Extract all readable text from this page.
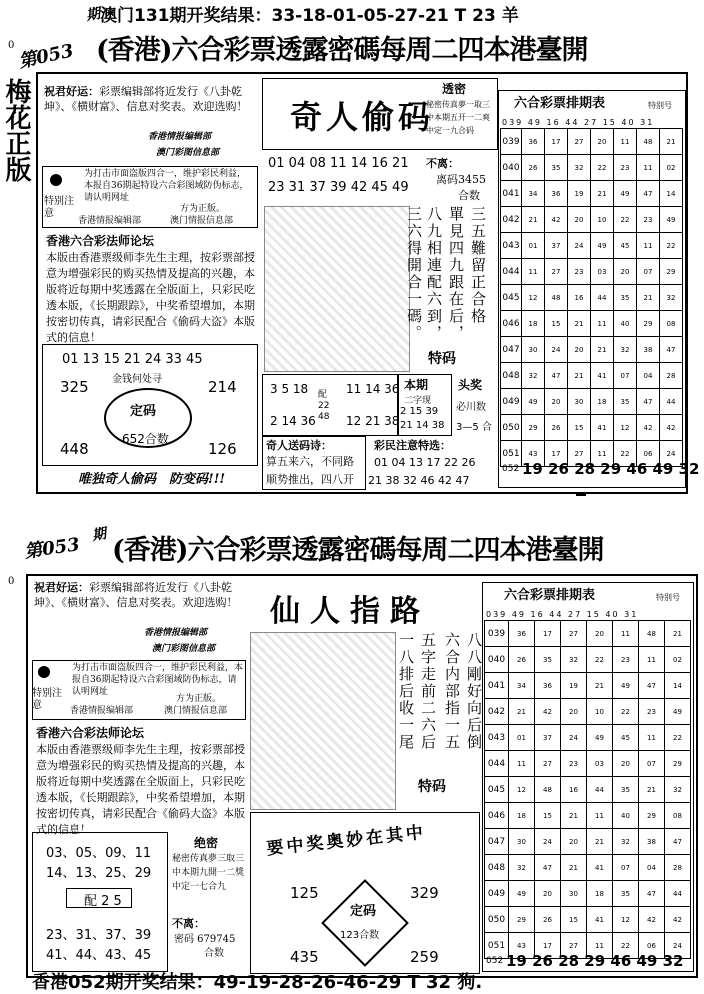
澳门131期开奖结果：33-18-01-05-27-21 T 23 羊
0 第053
期
(香港)六合彩票透露密碼每周二四本港臺開
梅花正版 祝君好运：彩票编辑部将近发行《八卦乾坤》、《横财富》、信息对奖表。欢迎选购！
香港情报编辑部
澳门彩图信息部
特别注意
为打击市面盗版四合一，维护彩民利益，本报自36期起特设六合彩图域防伪标志，请认明网址
方为正版。
香港情报编辑部	澳门情报信息部
香港六合彩法师论坛
本版由香港票级师李先生主理，按彩票部授意为增强彩民的购买热情及提高的兴趣，本版将近每期中奖透露在全版面上，只彩民吃透本版，《长期跟踪》，中奖希望增加，本期按密切传真，请彩民配合《偷码大盗》本版式的信息！
01 13 15 21 24 33 45
325	214
448	126
金钱何处寻
定码
652合数
唯独奇人偷码　防变码!!!
奇人偷码
01 04 08 11 14 16 21
23 31 37 39 42 45 49
三五難留正合格
單見四九跟在后，
八九相連配六到，
三六得開合一碼。
特码
3 5 18
2 14 36
配 22 48
11 14 36
12 21 38
本期
二字现
2 15 39
21 14 38
头奖
必川数
3—5 合
奇人送码诗：
算五来六，不同路
顺势推出，四八开
彩民注意特选：
01 04 13 17 22 26
21 38 32 46 42 47
透密
秘密传真夢一取三中本期五开一二爽中定一九合码
不离：
离码3455
合数
六合彩票排期表	特别号
039 49 16 44 27 15 40 31
039	36	17	27	20	11	48	21
040	26	35	32	22	23	11	02
041	34	36	19	21	49	47	14
042	21	42	20	10	22	23	49
043	01	37	24	49	45	11	22
044	11	27	23	03	20	07	29
045	12	48	16	44	35	21	32
046	18	15	21	11	40	29	08
047	30	24	20	21	32	38	47
048	32	47	21	41	07	04	28
049	49	20	30	18	35	47	44
050	29	26	15	41	12	42	42
051	43	17	27	11	22	06	24
052 19 26 28 29 46 49 32
第053 期
(香港)六合彩票透露密碼每周二四本港臺開
0 祝君好运：彩票编辑部将近发行《八卦乾坤》、《横财富》、信息对奖表。欢迎选购！
香港情报编辑部
澳门彩图信息部
特别注意
为打击市面盗版四合一，维护彩民利益，本报自36期起特设六合彩图域防伪标志，请认明网址
方为正版。
香港情报编辑部	澳门情报信息部
香港六合彩法师论坛
本版由香港票级师李先生主理，按彩票部授意为增强彩民的购买热情及提高的兴趣，本版将近每期中奖透露在全版面上，只彩民吃透本版，《长期跟踪》，中奖希望增加，本期按密切传真，请彩民配合《偷码大盗》本版式的信息！
03、05、09、11
14、13、25、29
配 2 5
23、31、37、39
41、44、43、45
绝密
秘密传真夢三取三中本期九開一二獎中定一七合九
不离：
密码 679745
合数
仙人指路
八八剛好向后倒
六合内部指一五
五字走前二六后
一八排后收一尾
特码
要中奖奥妙在其中
125	329
435	259
定码
123合数
六合彩票排期表	特别号
039 49 16 44 27 15 40 31
039	36	17	27	20	11	48	21
040	26	35	32	22	23	11	02
041	34	36	19	21	49	47	14
042	21	42	20	10	22	23	49
043	01	37	24	49	45	11	22
044	11	27	23	03	20	07	29
045	12	48	16	44	35	21	32
046	18	15	21	11	40	29	08
047	30	24	20	21	32	38	47
048	32	47	21	41	07	04	28
049	49	20	30	18	35	47	44
050	29	26	15	41	12	42	42
051	43	17	27	11	22	06	24
052 19 26 28 29 46 49 32
香港052期开奖结果：49-19-28-26-46-29 T 32 狗.
